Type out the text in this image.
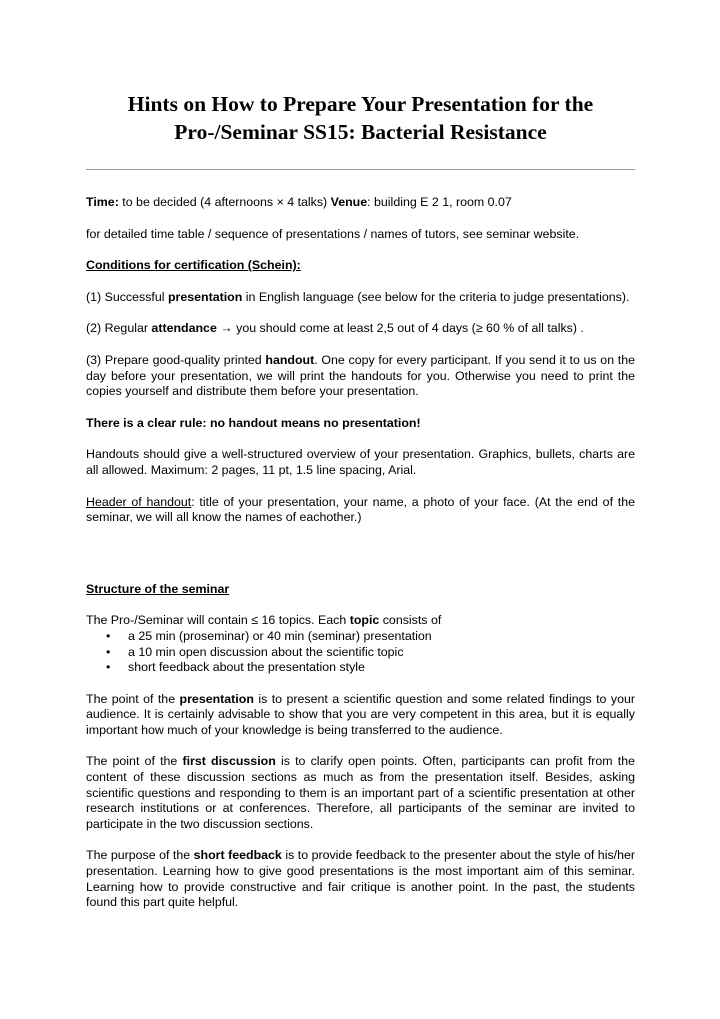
Hints on How to Prepare Your Presentation for the Pro-/Seminar SS15: Bacterial Resistance

Time: to be decided (4 afternoons × 4 talks) Venue: building E 2 1, room 0.07

for detailed time table / sequence of presentations / names of tutors, see seminar website.

Conditions for certification (Schein):

(1) Successful presentation in English language (see below for the criteria to judge presentations).

(2) Regular attendance → you should come at least 2,5 out of 4 days (≥ 60 % of all talks) .

(3) Prepare good-quality printed handout. One copy for every participant. If you send it to us on the day before your presentation, we will print the handouts for you. Otherwise you need to print the copies yourself and distribute them before your presentation.

There is a clear rule: no handout means no presentation!

Handouts should give a well-structured overview of your presentation. Graphics, bullets, charts are all allowed. Maximum: 2 pages, 11 pt, 1.5 line spacing, Arial.

Header of handout: title of your presentation, your name, a photo of your face. (At the end of the seminar, we will all know the names of eachother.)

Structure of the seminar

The Pro-/Seminar will contain ≤ 16 topics. Each topic consists of

• a 25 min (proseminar) or 40 min (seminar) presentation
• a 10 min open discussion about the scientific topic
• short feedback about the presentation style

The point of the presentation is to present a scientific question and some related findings to your audience. It is certainly advisable to show that you are very competent in this area, but it is equally important how much of your knowledge is being transferred to the audience.

The point of the first discussion is to clarify open points. Often, participants can profit from the content of these discussion sections as much as from the presentation itself. Besides, asking scientific questions and responding to them is an important part of a scientific presentation at other research institutions or at conferences. Therefore, all participants of the seminar are invited to participate in the two discussion sections.

The purpose of the short feedback is to provide feedback to the presenter about the style of his/her presentation. Learning how to give good presentations is the most important aim of this seminar. Learning how to provide constructive and fair critique is another point. In the past, the students found this part quite helpful.
